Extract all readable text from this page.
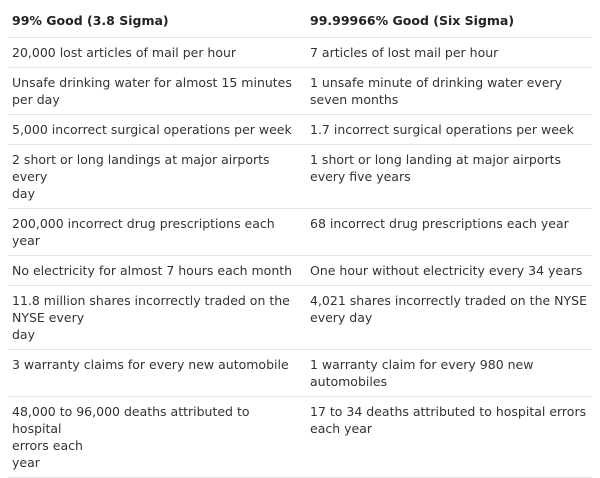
99% Good (3.8 Sigma)	99.99966% Good (Six Sigma)

20,000 lost articles of mail per hour	7 articles of lost mail per hour

Unsafe drinking water for almost 15 minutes
per day	1 unsafe minute of drinking water every
seven months

5,000 incorrect surgical operations per week	1.7 incorrect surgical operations per week

2 short or long landings at major airports every
day	1 short or long landing at major airports
every five years

200,000 incorrect drug prescriptions each year	68 incorrect drug prescriptions each year

No electricity for almost 7 hours each month	One hour without electricity every 34 years

11.8 million shares incorrectly traded on the
NYSE every
day	4,021 shares incorrectly traded on the NYSE
every day

3 warranty claims for every new automobile	1 warranty claim for every 980 new
automobiles

48,000 to 96,000 deaths attributed to hospital
errors each
year	17 to 34 deaths attributed to hospital errors
each year
